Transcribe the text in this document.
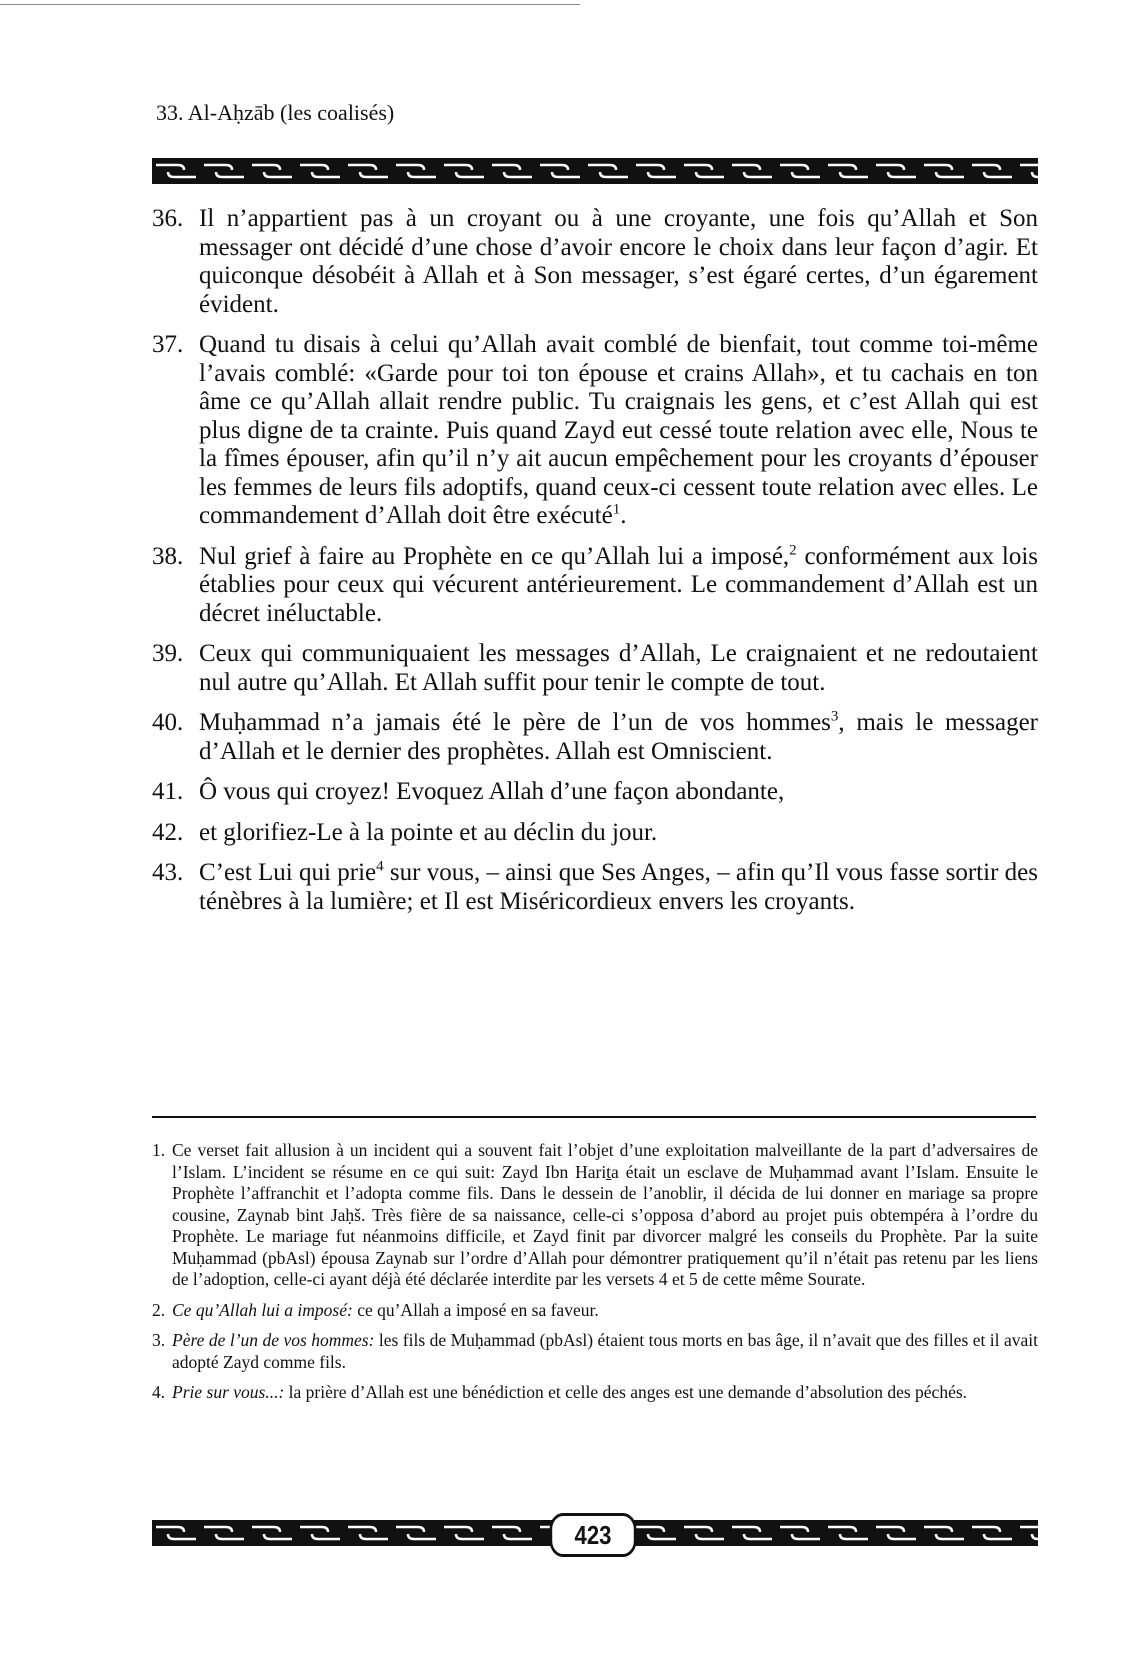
33. Al-Aḥzāb (les coalisés)
36. Il n’appartient pas à un croyant ou à une croyante, une fois qu’Allah et Son messager ont décidé d’une chose d’avoir encore le choix dans leur façon d’agir. Et quiconque désobéit à Allah et à Son messager, s’est égaré certes, d’un égarement évident.
37. Quand tu disais à celui qu’Allah avait comblé de bienfait, tout comme toi-même l’avais comblé: «Garde pour toi ton épouse et crains Allah», et tu cachais en ton âme ce qu’Allah allait rendre public. Tu craignais les gens, et c’est Allah qui est plus digne de ta crainte. Puis quand Zayd eut cessé toute relation avec elle, Nous te la fîmes épouser, afin qu’il n’y ait aucun empêchement pour les croyants d’épouser les femmes de leurs fils adoptifs, quand ceux-ci cessent toute relation avec elles. Le commandement d’Allah doit être exécuté$^1$.
38. Nul grief à faire au Prophète en ce qu’Allah lui a imposé,$^2$ conformément aux lois établies pour ceux qui vécurent antérieurement. Le commandement d’Allah est un décret inéluctable.
39. Ceux qui communiquaient les messages d’Allah, Le craignaient et ne redoutaient nul autre qu’Allah. Et Allah suffit pour tenir le compte de tout.
40. Muḥammad n’a jamais été le père de l’un de vos hommes$^3$, mais le messager d’Allah et le dernier des prophètes. Allah est Omniscient.
41. Ô vous qui croyez! Evoquez Allah d’une façon abondante,
42. et glorifiez-Le à la pointe et au déclin du jour.
43. C’est Lui qui prie$^4$ sur vous, – ainsi que Ses Anges, – afin qu’Il vous fasse sortir des ténèbres à la lumière; et Il est Miséricordieux envers les croyants.
1. Ce verset fait allusion à un incident qui a souvent fait l’objet d’une exploitation malveillante de la part d’adversaires de l’Islam. L’incident se résume en ce qui suit: Zayd Ibn Hariṯa était un esclave de Muḥammad avant l’Islam. Ensuite le Prophète l’affranchit et l’adopta comme fils. Dans le dessein de l’anoblir, il décida de lui donner en mariage sa propre cousine, Zaynab bint Jaḥš. Très fière de sa naissance, celle-ci s’opposa d’abord au projet puis obtempéra à l’ordre du Prophète. Le mariage fut néanmoins difficile, et Zayd finit par divorcer malgré les conseils du Prophète. Par la suite Muḥammad (pbAsl) épousa Zaynab sur l’ordre d’Allah pour démontrer pratiquement qu’il n’était pas retenu par les liens de l’adoption, celle-ci ayant déjà été déclarée interdite par les versets 4 et 5 de cette même Sourate.
2. Ce qu’Allah lui a imposé: ce qu’Allah a imposé en sa faveur.
3. Père de l’un de vos hommes: les fils de Muḥammad (pbAsl) étaient tous morts en bas âge, il n’avait que des filles et il avait adopté Zayd comme fils.
4. Prie sur vous...: la prière d’Allah est une bénédiction et celle des anges est une demande d’absolution des péchés.
423
